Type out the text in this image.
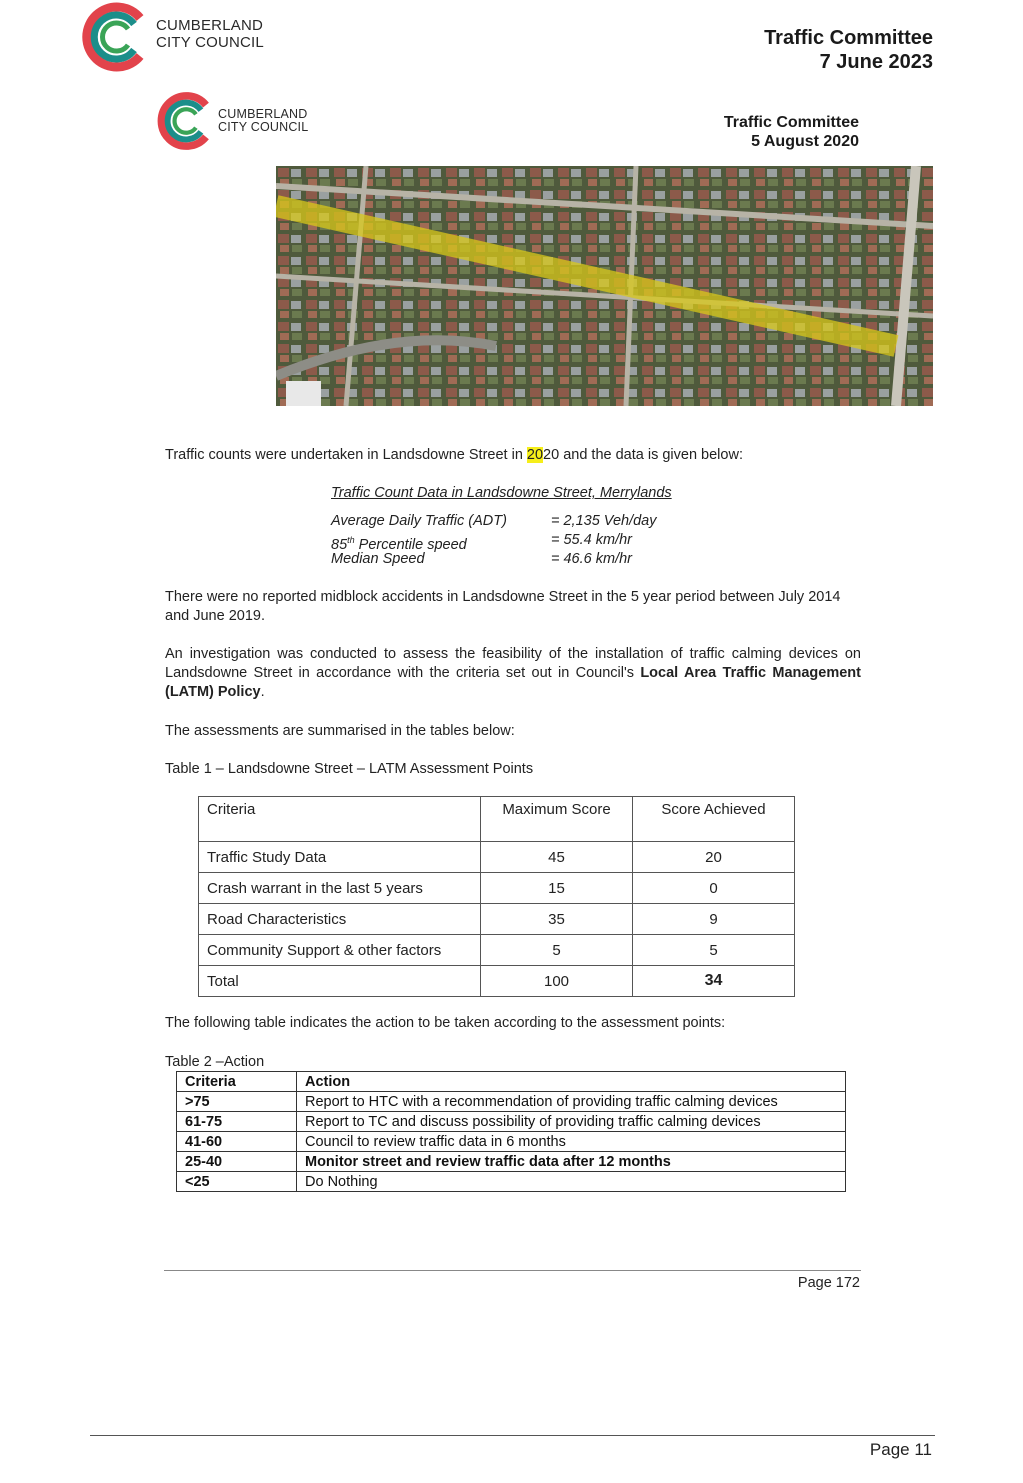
CUMBERLAND
CITY COUNCIL	Traffic Committee
7 June 2023
CUMBERLAND
CITY COUNCIL	Traffic Committee
5 August 2020
Traffic counts were undertaken in Landsdowne Street in 2020 and the data is given below:
Traffic Count Data in Landsdowne Street, Merrylands
Average Daily Traffic (ADT)	= 2,135 Veh/day
85th Percentile speed	= 55.4 km/hr
Median Speed	= 46.6 km/hr
There were no reported midblock accidents in Landsdowne Street in the 5 year period between July 2014 and June 2019.
An investigation was conducted to assess the feasibility of the installation of traffic calming devices on Landsdowne Street in accordance with the criteria set out in Council's Local Area Traffic Management (LATM) Policy.
The assessments are summarised in the tables below:
Table 1 – Landsdowne Street – LATM Assessment Points
Criteria	Maximum Score	Score Achieved
Traffic Study Data	45	20
Crash warrant in the last 5 years	15	0
Road Characteristics	35	9
Community Support & other factors	5	5
Total	100	34
The following table indicates the action to be taken according to the assessment points:
Table 2 –Action
Criteria	Action
>75	Report to HTC with a recommendation of providing traffic calming devices
61-75	Report to TC and discuss possibility of providing traffic calming devices
41-60	Council to review traffic data in 6 months
25-40	Monitor street and review traffic data after 12 months
<25	Do Nothing
Page 172
Page 11
